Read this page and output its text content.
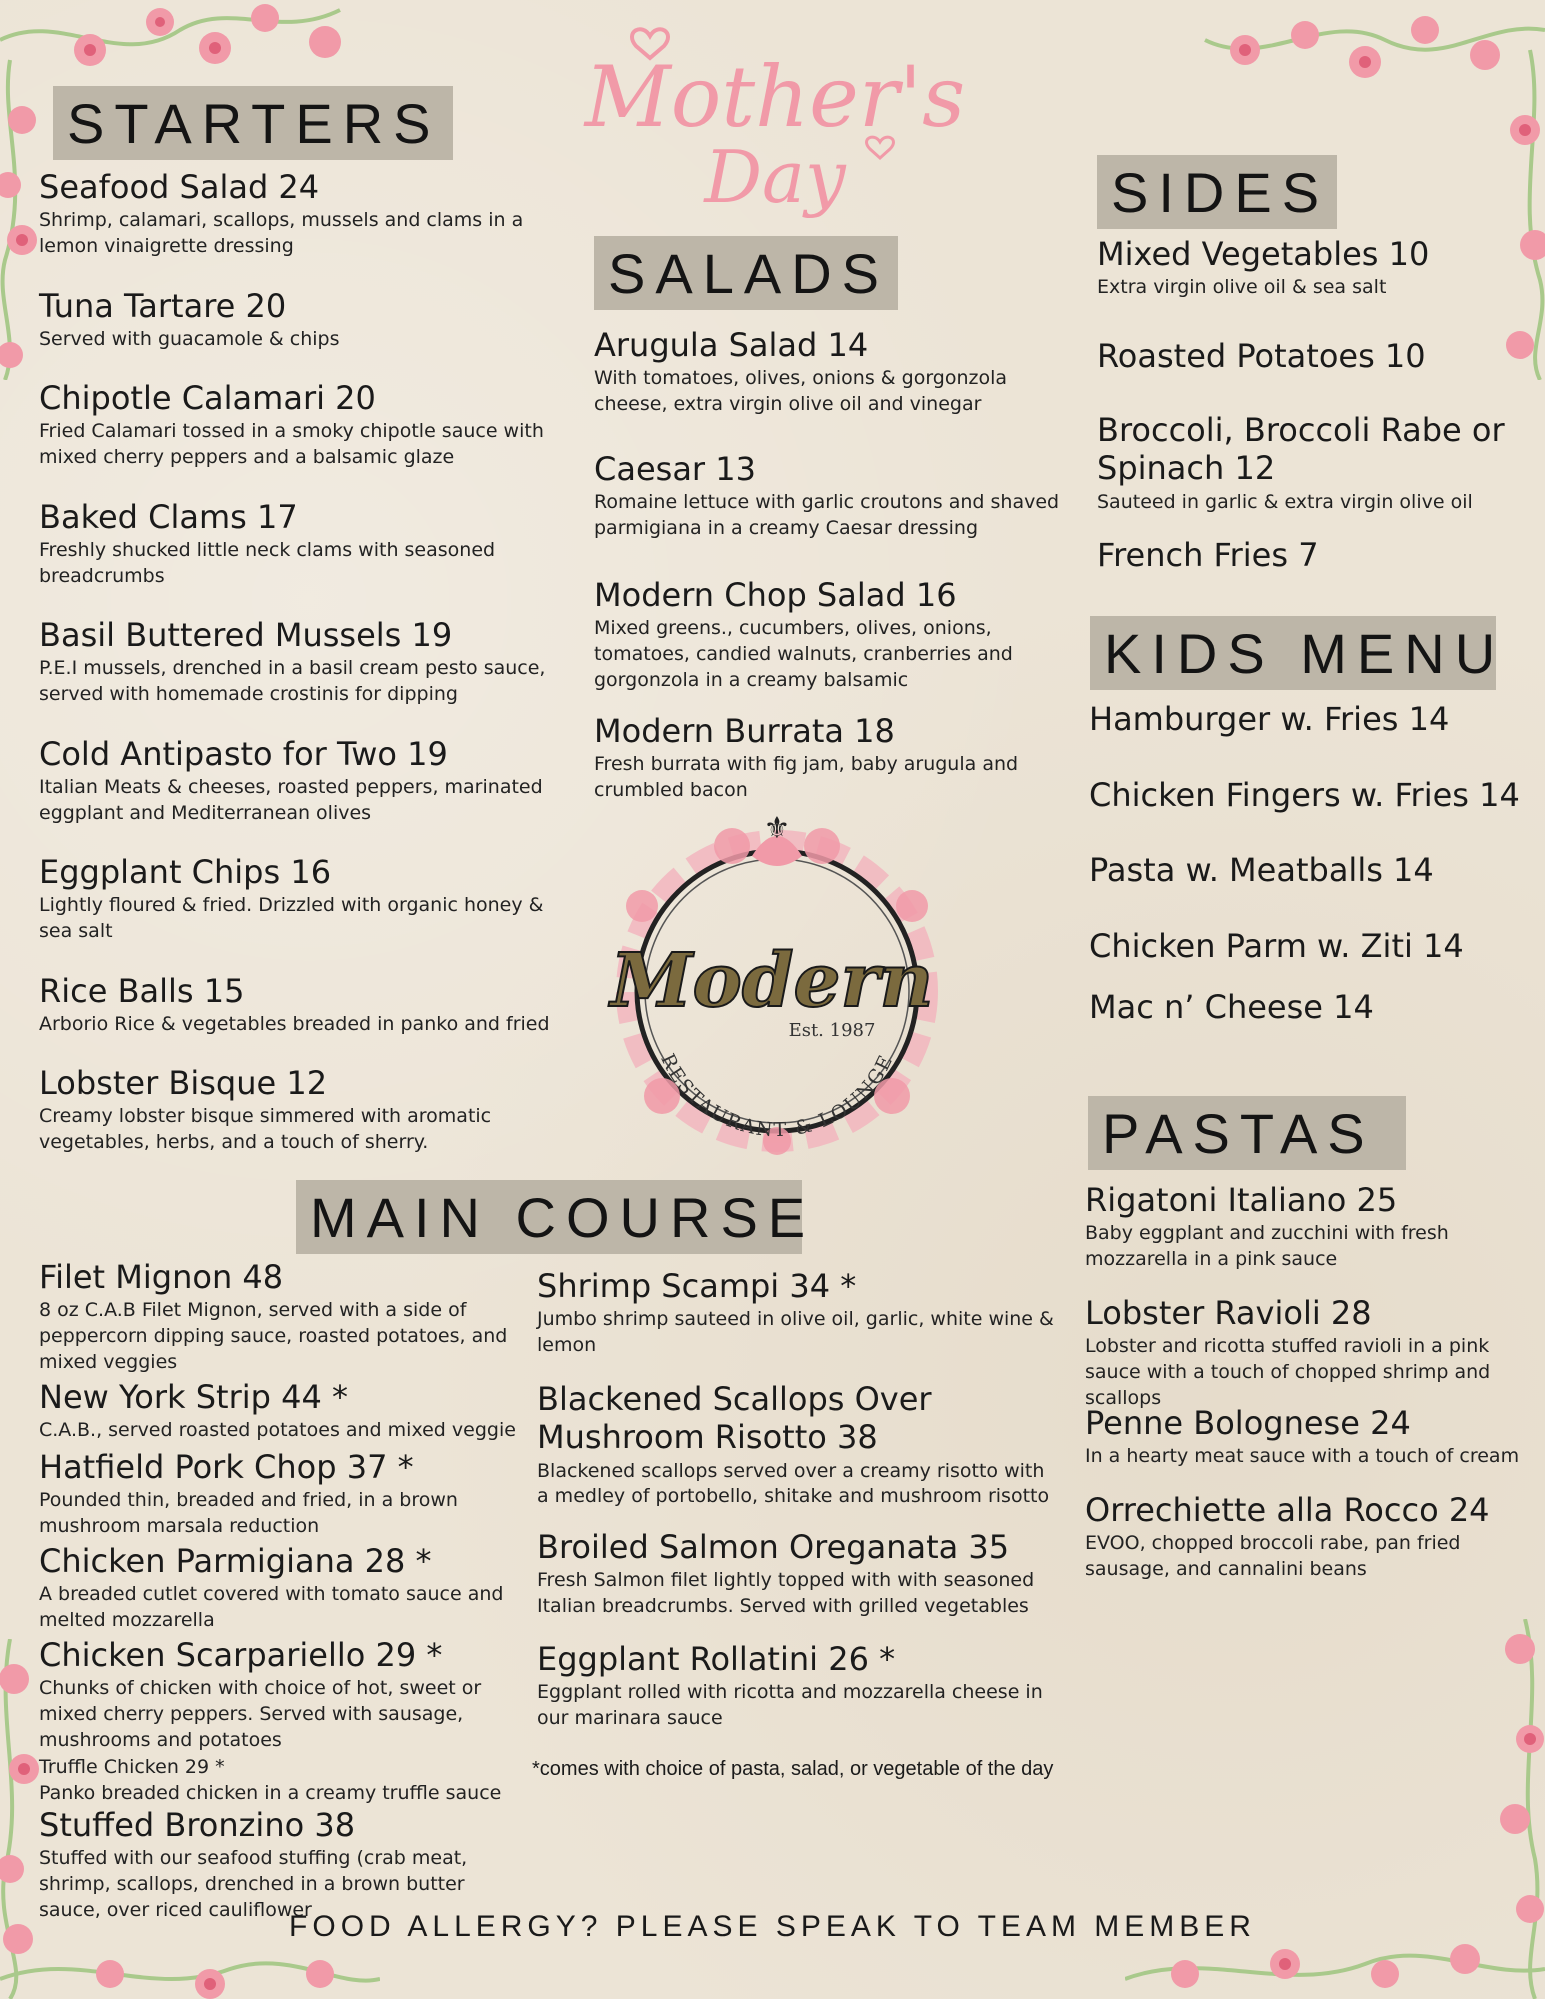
Mother's
Day
⚜
Modern
Est. 1987
RESTAURANT & LOUNGE
STARTERS
SALADS
SIDES
KIDS MENU
PASTAS
MAIN COURSE
Seafood Salad 24
Shrimp, calamari, scallops, mussels and clams in a lemon vinaigrette dressing
Tuna Tartare 20
Served with guacamole & chips
Chipotle Calamari 20
Fried Calamari tossed in a smoky chipotle sauce with mixed cherry peppers and a balsamic glaze
Baked Clams 17
Freshly shucked little neck clams with seasoned breadcrumbs
Basil Buttered Mussels 19
P.E.I mussels, drenched in a basil cream pesto sauce, served with homemade crostinis for dipping
Cold Antipasto for Two 19
Italian Meats & cheeses, roasted peppers, marinated eggplant and Mediterranean olives
Eggplant Chips 16
Lightly floured & fried. Drizzled with organic honey & sea salt
Rice Balls 15
Arborio Rice & vegetables breaded in panko and fried
Lobster Bisque 12
Creamy lobster bisque simmered with aromatic vegetables, herbs, and a touch of sherry.
Arugula Salad 14
With tomatoes, olives, onions & gorgonzola cheese, extra virgin olive oil and vinegar
Caesar 13
Romaine lettuce with garlic croutons and shaved parmigiana in a creamy Caesar dressing
Modern Chop Salad 16
Mixed greens., cucumbers, olives, onions, tomatoes, candied walnuts, cranberries and gorgonzola in a creamy balsamic
Modern Burrata 18
Fresh burrata with fig jam, baby arugula and crumbled bacon
Mixed Vegetables 10
Extra virgin olive oil & sea salt
Roasted Potatoes 10
Broccoli, Broccoli Rabe or Spinach 12
Sauteed in garlic & extra virgin olive oil
French Fries 7
Hamburger w. Fries 14
Chicken Fingers w. Fries 14
Pasta w. Meatballs 14
Chicken Parm w. Ziti 14
Mac n’ Cheese 14
Rigatoni Italiano 25
Baby eggplant and zucchini with fresh mozzarella in a pink sauce
Lobster Ravioli 28
Lobster and ricotta stuffed ravioli in a pink sauce with a touch of chopped shrimp and scallops
Penne Bolognese 24
In a hearty meat sauce with a touch of cream
Orrechiette alla Rocco 24
EVOO, chopped broccoli rabe, pan fried sausage, and cannalini beans
Filet Mignon 48
8 oz C.A.B Filet Mignon, served with a side of peppercorn dipping sauce, roasted potatoes, and mixed veggies
New York Strip 44 *
C.A.B., served roasted potatoes and mixed veggie
Hatfield Pork Chop 37 *
Pounded thin, breaded and fried, in a brown mushroom marsala reduction
Chicken Parmigiana 28 *
A breaded cutlet covered with tomato sauce and melted mozzarella
Chicken Scarpariello 29 *
Chunks of chicken with choice of hot, sweet or mixed cherry peppers. Served with sausage, mushrooms and potatoes
Truffle Chicken 29 *
Panko breaded chicken in a creamy truffle sauce
Stuffed Bronzino 38
Stuffed with our seafood stuffing (crab meat, shrimp, scallops, drenched in a brown butter sauce, over riced cauliflower
Shrimp Scampi 34 *
Jumbo shrimp sauteed in olive oil, garlic, white wine & lemon
Blackened Scallops Over Mushroom Risotto 38
Blackened scallops served over a creamy risotto with a medley of portobello, shitake and mushroom risotto
Broiled Salmon Oreganata 35
Fresh Salmon filet lightly topped with with seasoned Italian breadcrumbs. Served with grilled vegetables
Eggplant Rollatini 26 *
Eggplant rolled with ricotta and mozzarella cheese in our marinara sauce
*comes with choice of pasta, salad, or vegetable of the day
FOOD ALLERGY? PLEASE SPEAK TO TEAM MEMBER
